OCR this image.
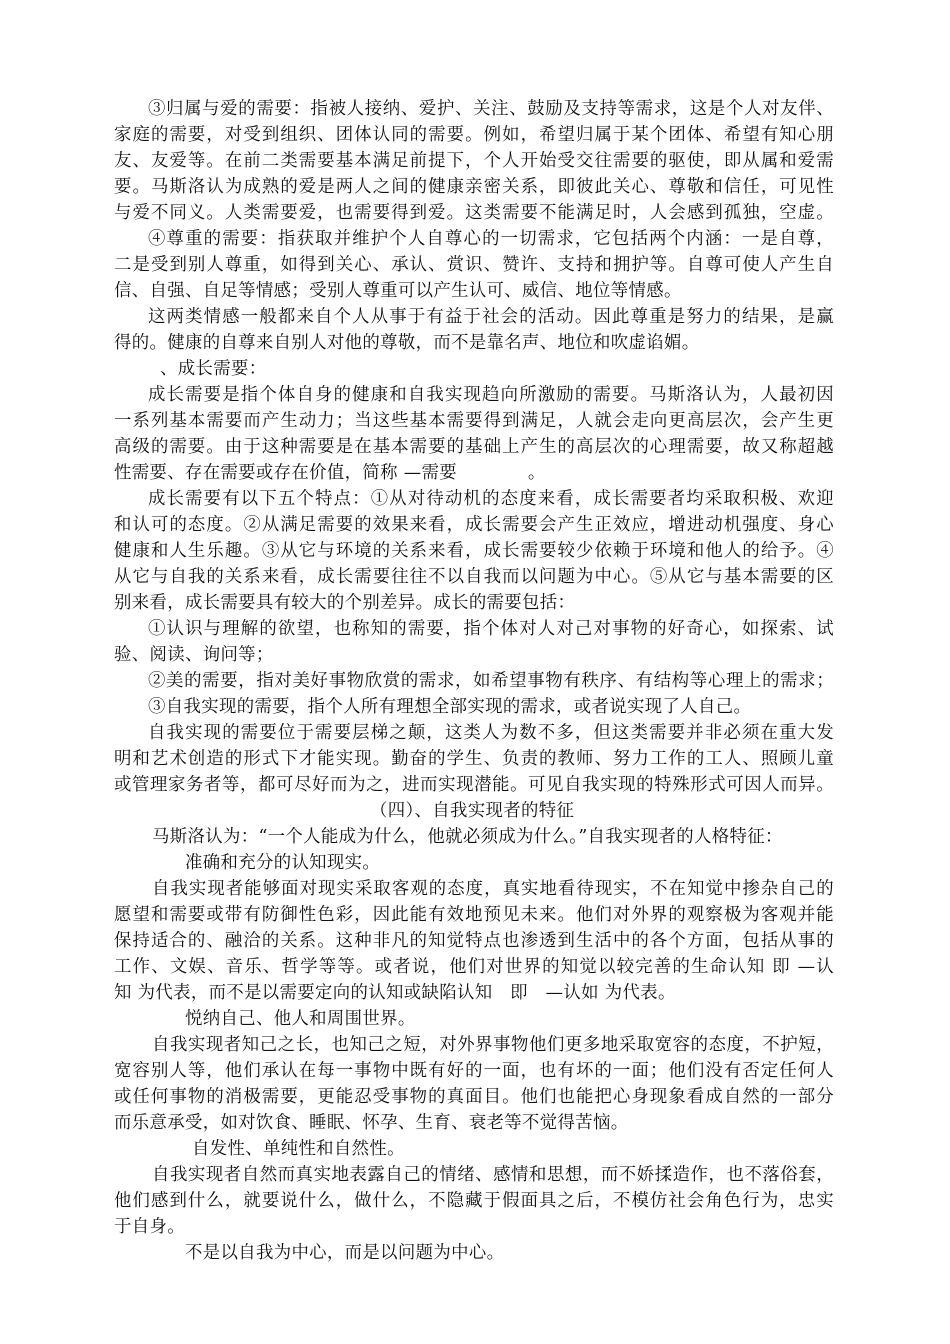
③归属与爱的需要：指被人接纳、爱护、关注、鼓励及支持等需求，这是个人对友伴、
家庭的需要，对受到组织、团体认同的需要。例如，希望归属于某个团体、希望有知心朋
友、友爱等。在前二类需要基本满足前提下，个人开始受交往需要的驱使，即从属和爱需
要。马斯洛认为成熟的爱是两人之间的健康亲密关系，即彼此关心、尊敬和信任，可见性
与爱不同义。人类需要爱，也需要得到爱。这类需要不能满足时，人会感到孤独，空虚。
④尊重的需要：指获取并维护个人自尊心的一切需求，它包括两个内涵：一是自尊，
二是受到别人尊重，如得到关心、承认、赏识、赞许、支持和拥护等。自尊可使人产生自
信、自强、自足等情感；受别人尊重可以产生认可、威信、地位等情感。
这两类情感一般都来自个人从事于有益于社会的活动。因此尊重是努力的结果，是赢
得的。健康的自尊来自别人对他的尊敬，而不是靠名声、地位和吹虚谄媚。
、成长需要：
成长需要是指个体自身的健康和自我实现趋向所激励的需要。马斯洛认为，人最初因
一系列基本需要而产生动力；当这些基本需要得到满足，人就会走向更高层次，会产生更
高级的需要。由于这种需要是在基本需要的基础上产生的高层次的心理需要，故又称超越
性需要、存在需要或存在价值，简称 —需要　　　　。
成长需要有以下五个特点：①从对待动机的态度来看，成长需要者均采取积极、欢迎
和认可的态度。②从满足需要的效果来看，成长需要会产生正效应，增进动机强度、身心
健康和人生乐趣。③从它与环境的关系来看，成长需要较少依赖于环境和他人的给予。④
从它与自我的关系来看，成长需要往往不以自我而以问题为中心。⑤从它与基本需要的区
别来看，成长需要具有较大的个别差异。成长的需要包括：
①认识与理解的欲望，也称知的需要，指个体对人对己对事物的好奇心，如探索、试
验、阅读、询问等；
②美的需要，指对美好事物欣赏的需求，如希望事物有秩序、有结构等心理上的需求；
③自我实现的需要，指个人所有理想全部实现的需求，或者说实现了人自己。
自我实现的需要位于需要层梯之颠，这类人为数不多，但这类需要并非必须在重大发
明和艺术创造的形式下才能实现。勤奋的学生、负责的教师、努力工作的工人、照顾儿童
或管理家务者等，都可尽好而为之，进而实现潜能。可见自我实现的特殊形式可因人而异。
（四）、自我实现者的特征
马斯洛认为：“一个人能成为什么，他就必须成为什么。”自我实现者的人格特征：
准确和充分的认知现实。
自我实现者能够面对现实采取客观的态度，真实地看待现实，不在知觉中掺杂自己的
愿望和需要或带有防御性色彩，因此能有效地预见未来。他们对外界的观察极为客观并能
保持适合的、融洽的关系。这种非凡的知觉特点也渗透到生活中的各个方面，包括从事的
工作、文娱、音乐、哲学等等。或者说，他们对世界的知觉以较完善的生命认知 即 —认
知 为代表，而不是以需要定向的认知或缺陷认知　即　—认如 为代表。
悦纳自己、他人和周围世界。
自我实现者知己之长，也知己之短，对外界事物他们更多地采取宽容的态度，不护短，
宽容别人等，他们承认在每一事物中既有好的一面，也有坏的一面；他们没有否定任何人
或任何事物的消极需要，更能忍受事物的真面目。他们也能把心身现象看成自然的一部分
而乐意承受，如对饮食、睡眠、怀孕、生育、衰老等不觉得苦恼。
自发性、单纯性和自然性。
自我实现者自然而真实地表露自己的情绪、感情和思想，而不娇揉造作，也不落俗套，
他们感到什么，就要说什么，做什么，不隐藏于假面具之后，不模仿社会角色行为，忠实
于自身。
不是以自我为中心，而是以问题为中心。
